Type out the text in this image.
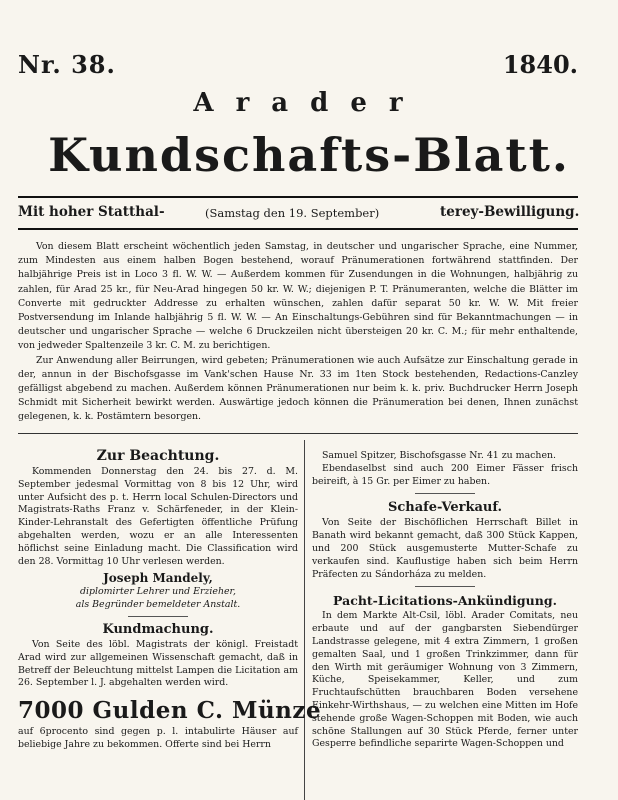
Nr. 38.	1840.
Arader
Kundschafts-Blatt.
Mit hoher Statthal-	(Samstag den 19. September)	terey-Bewilligung.

Von diesem Blatt erscheint wöchentlich jeden Samstag, in deutscher und ungarischer Sprache, eine Nummer, zum Mindesten aus einem halben Bogen bestehend, worauf Pränumerationen fortwährend stattfinden. Der halbjährige Preis ist in Loco 3 fl. W. W. — Außerdem kommen für Zusendungen in die Wohnungen, halbjährig zu zahlen, für Arad 25 kr., für Neu-Arad hingegen 50 kr. W. W.; diejenigen P. T. Pränumeranten, welche die Blätter im Converte mit gedruckter Addresse zu erhalten wünschen, zahlen dafür separat 50 kr. W. W. Mit freier Postversendung im Inlande halbjährig 5 fl. W. W. — An Einschaltungs-Gebühren sind für Bekanntmachungen — in deutscher und ungarischer Sprache — welche 6 Druckzeilen nicht übersteigen 20 kr. C. M.; für mehr enthaltende, von jedweder Spaltenzeile 3 kr. C. M. zu berichtigen.

Zur Anwendung aller Beirrungen, wird gebeten; Pränumerationen wie auch Aufsätze zur Einschaltung gerade in der, annun in der Bischofsgasse im Vank'schen Hause Nr. 33 im 1ten Stock bestehenden, Redactions-Canzley gefälligst abgebend zu machen. Außerdem können Pränumerationen nur beim k. k. priv. Buchdrucker Herrn Joseph Schmidt mit Sicherheit bewirkt werden. Auswärtige jedoch können die Pränumeration bei denen, Ihnen zunächst gelegenen, k. k. Postämtern besorgen.

Zur Beachtung.

Kommenden Donnerstag den 24. bis 27. d. M. September jedesmal Vormittag von 8 bis 12 Uhr, wird unter Aufsicht des p. t. Herrn local Schulen-Directors und Magistrats-Raths Franz v. Schärfeneder, in der Klein-Kinder-Lehranstalt des Gefertigten öffentliche Prüfung abgehalten werden, wozu er an alle Interessenten höflichst seine Einladung macht. Die Classification wird den 28. Vormittag 10 Uhr verlesen werden.

Joseph Mandely,
diplomirter Lehrer und Erzieher,
als Begründer bemeldeter Anstalt.
Kundmachung.

Von Seite des löbl. Magistrats der königl. Freistadt Arad wird zur allgemeinen Wissenschaft gemacht, daß in Betreff der Beleuchtung mittelst Lampen die Licitation am 26. September l. J. abgehalten werden wird.

7000 Gulden C. Münze

auf 6procento sind gegen p. l. intabulirte Häuser auf beliebige Jahre zu bekommen. Offerte sind bei Herrn

Samuel Spitzer, Bischofsgasse Nr. 41 zu machen.

Ebendaselbst sind auch 200 Eimer Fässer frisch beireift, à 15 Gr. per Eimer zu haben.

Schafe-Verkauf.

Von Seite der Bischöflichen Herrschaft Billet in Banath wird bekannt gemacht, daß 300 Stück Kappen, und 200 Stück ausgemusterte Mutter-Schafe zu verkaufen sind. Kauflustige haben sich beim Herrn Präfecten zu Sándorháza zu melden.

Pacht-Licitations-Ankündigung.

In dem Markte Alt-Csil, löbl. Arader Comitats, neu erbaute und auf der gangbarsten Siebendürger Landstrasse gelegene, mit 4 extra Zimmern, 1 großen gemalten Saal, und 1 großen Trinkzimmer, dann für den Wirth mit geräumiger Wohnung von 3 Zimmern, Küche, Speisekammer, Keller, und zum Fruchtaufschütten brauchbaren Boden versehene Einkehr-Wirthshaus, — zu welchen eine Mitten im Hofe stehende große Wagen-Schoppen mit Boden, wie auch schöne Stallungen auf 30 Stück Pferde, ferner unter Gesperre befindliche separirte Wagen-Schoppen und
